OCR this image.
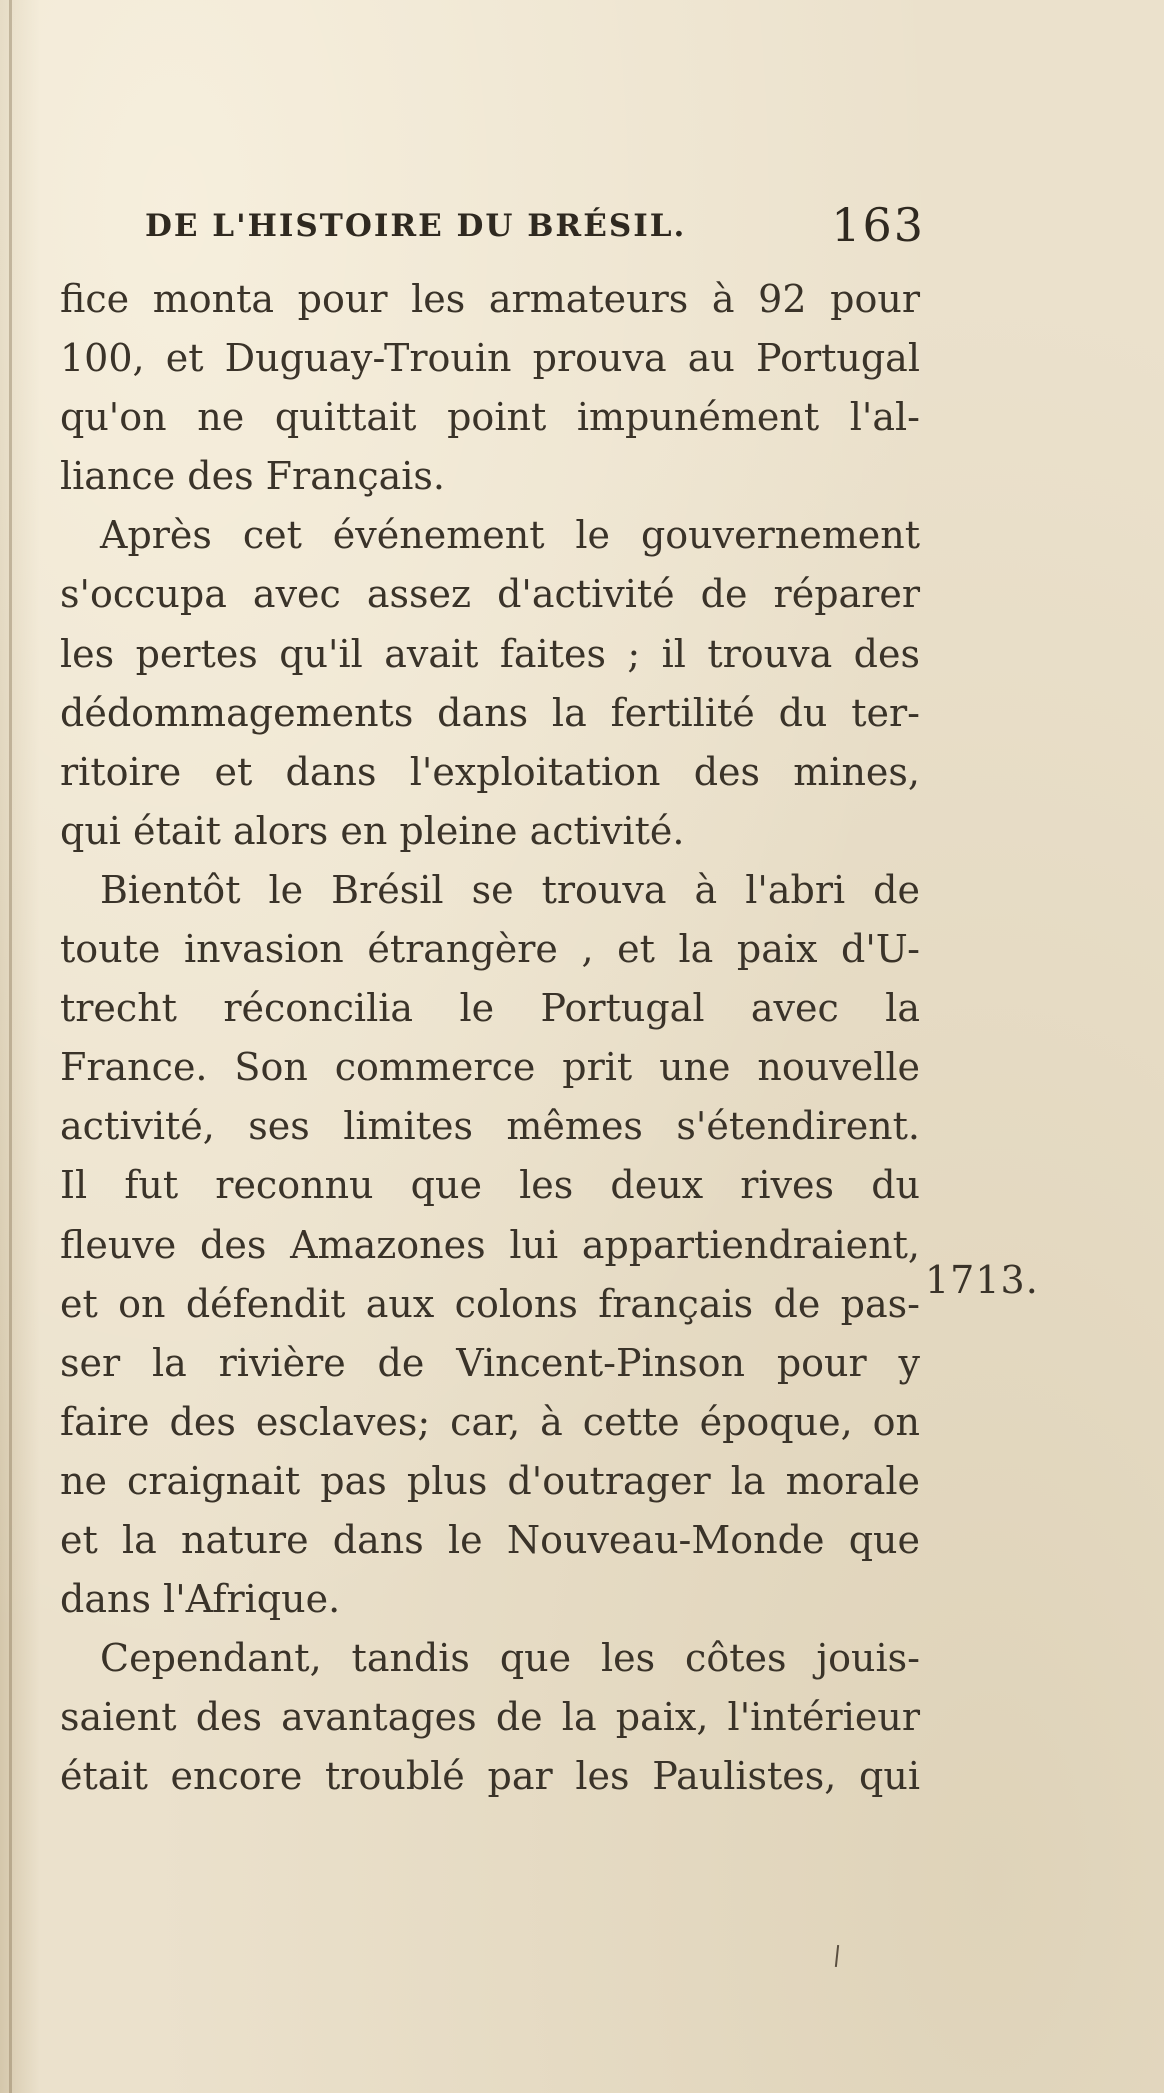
DE L'HISTOIRE DU BRÉSIL.	163
fice monta pour les armateurs à 92 pour
100, et Duguay-Trouin prouva au Portugal
qu'on ne quittait point impunément l'al-
liance des Français.
Après cet événement le gouvernement
s'occupa avec assez d'activité de réparer
les pertes qu'il avait faites ; il trouva des
dédommagements dans la fertilité du ter-
ritoire et dans l'exploitation des mines,
qui était alors en pleine activité.
Bientôt le Brésil se trouva à l'abri de
toute invasion étrangère , et la paix d'U-
trecht réconcilia le Portugal avec la
France. Son commerce prit une nouvelle
activité, ses limites mêmes s'étendirent.
Il fut reconnu que les deux rives du
fleuve des Amazones lui appartiendraient,
et on défendit aux colons français de pas-
ser la rivière de Vincent-Pinson pour y
faire des esclaves; car, à cette époque, on
ne craignait pas plus d'outrager la morale
et la nature dans le Nouveau-Monde que
dans l'Afrique.
Cependant, tandis que les côtes jouis-
saient des avantages de la paix, l'intérieur
était encore troublé par les Paulistes, qui
1713.
